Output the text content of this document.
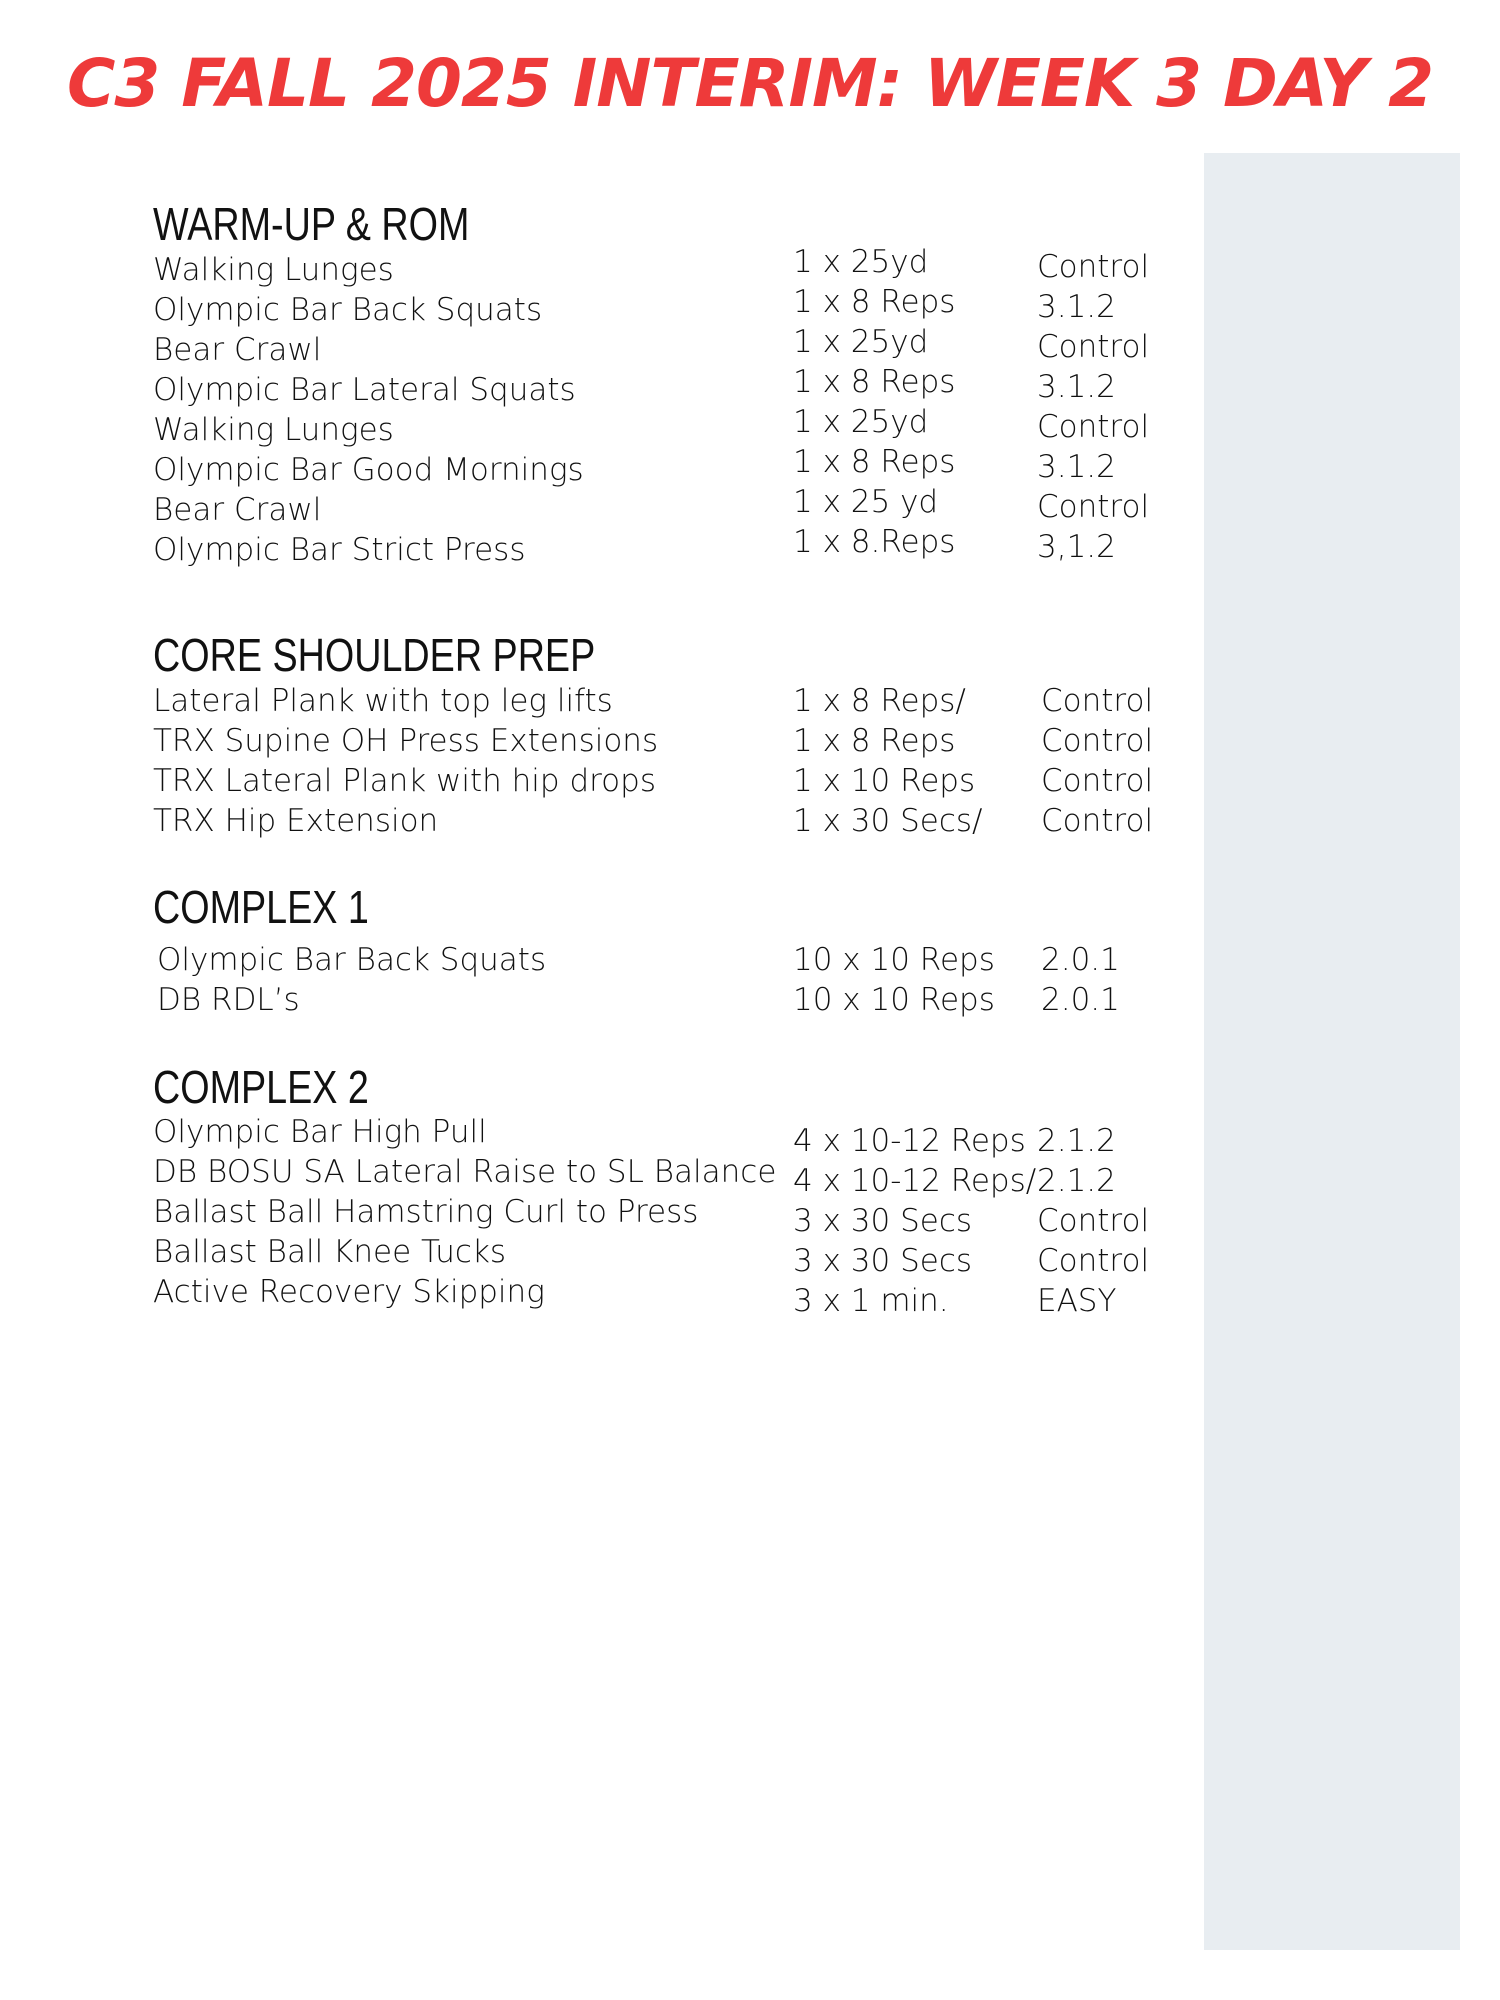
C3 FALL 2025 INTERIM: WEEK 3 DAY 2
WARM-UP & ROM
Walking Lunges	1 x 25yd	Control
Olympic Bar Back Squats	1 x 8 Reps	3.1.2
Bear Crawl	1 x 25yd	Control
Olympic Bar Lateral Squats	1 x 8 Reps	3.1.2
Walking Lunges	1 x 25yd	Control
Olympic Bar Good Mornings	1 x 8 Reps	3.1.2
Bear Crawl	1 x 25 yd	Control
Olympic Bar Strict Press	1 x 8.Reps	3,1.2
CORE SHOULDER PREP
Lateral Plank with top leg lifts	1 x 8 Reps/ Control
TRX Supine OH Press Extensions	1 x 8 Reps	Control
TRX Lateral Plank with hip drops	1 x 10 Reps Control
TRX Hip Extension	1 x 30 Secs/ Control
COMPLEX 1
Olympic Bar Back Squats	10 x 10 Reps 2.0.1
DB RDL’s	10 x 10 Reps 2.0.1
COMPLEX 2
Olympic Bar High Pull	4 x 10-12 Reps 2.1.2
DB BOSU SA Lateral Raise to SL Balance 4 x 10-12 Reps/ 2.1.2
Ballast Ball Hamstring Curl to Press	3 x 30 Secs Control
Ballast Ball Knee Tucks	3 x 30 Secs Control
Active Recovery Skipping	3 x 1 min.	EASY
